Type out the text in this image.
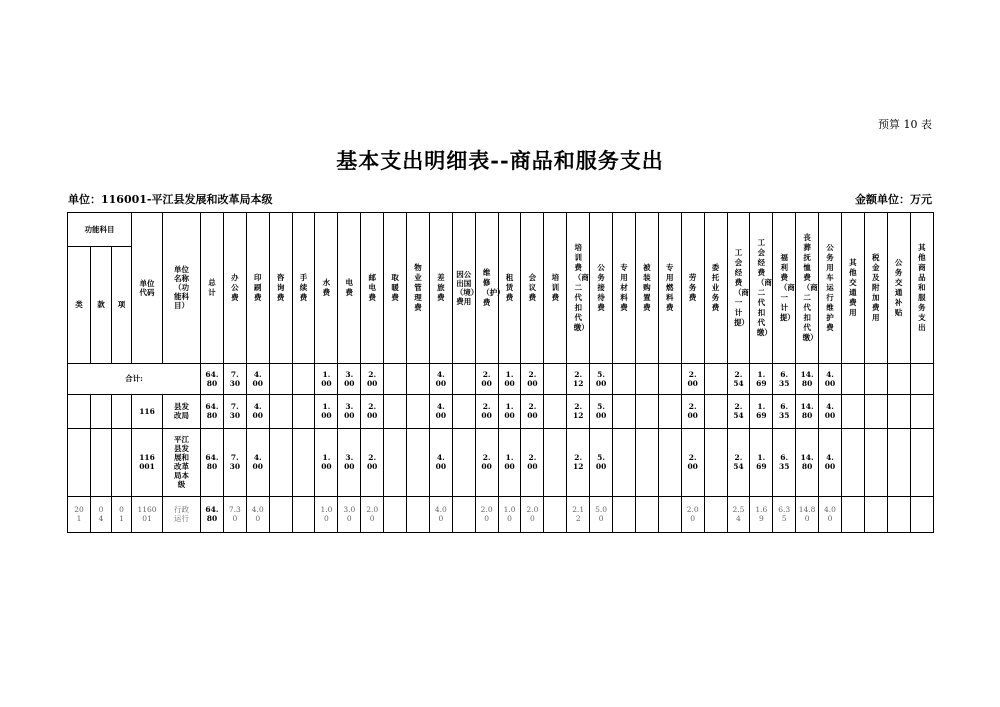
预算 10 表
基本支出明细表--商品和服务支出
单位：116001-平江县发展和改革局本级	金额单位：万元
功能科目			单位代码	单位名称（功能科目）	总计	办公费	印刷费	咨询费	手续费	水费	电费	邮电费	取暖费	物业管理费	差旅费	因公出国（境）费用	维修（护）费	租赁费	会议费	培训费	培训费（商二代扣代缴）	公务接待费	专用材料费	被装购置费	专用燃料费	劳务费	委托业务费	工会经费（商一计提）	工会经费（商二代扣代缴）	福利费（商一计提）	丧葬抚恤费（商二代扣代缴）	公务用车运行维护费	其他交通费用	税金及附加费用	公务交通补贴	其他商品和服务支出
类	款	项																																		
合计:					64.80	7.30	4.00			1.00	3.00	2.00			4.00		2.00	1.00	2.00		2.12	5.00				2.00		2.54	1.69	6.35	14.80	4.00				
			116	县发改局	64.80	7.30	4.00			1.00	3.00	2.00			4.00		2.00	1.00	2.00		2.12	5.00				2.00		2.54	1.69	6.35	14.80	4.00				
			116001	平江县发展和改革局本级	64.80	7.30	4.00			1.00	3.00	2.00			4.00		2.00	1.00	2.00		2.12	5.00				2.00		2.54	1.69	6.35	14.80	4.00				
201	04	01	116001	行政运行	64.80	7.30	4.00			1.00	3.00	2.00			4.00		2.00	1.00	2.00		2.12	5.00				2.00		2.54	1.69	6.35	14.80	4.00				
